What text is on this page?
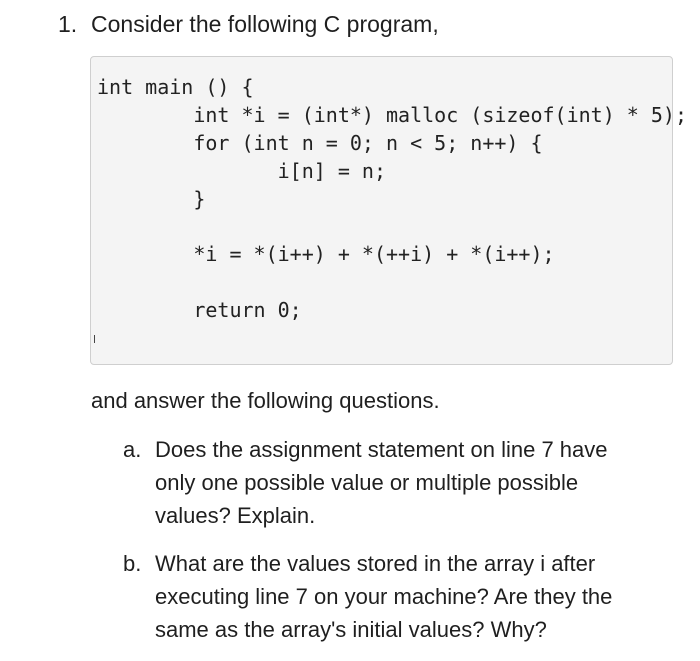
1. Consider the following C program,
int main () {
int *i = (int*) malloc (sizeof(int) * 5);
for (int n = 0; n < 5; n++) {
i[n] = n;
}
*i = *(i++) + *(++i) + *(i++);
return 0;
and answer the following questions.
a. Does the assignment statement on line 7 have
only one possible value or multiple possible
values? Explain.
b. What are the values stored in the array i after
executing line 7 on your machine? Are they the
same as the array's initial values? Why?
